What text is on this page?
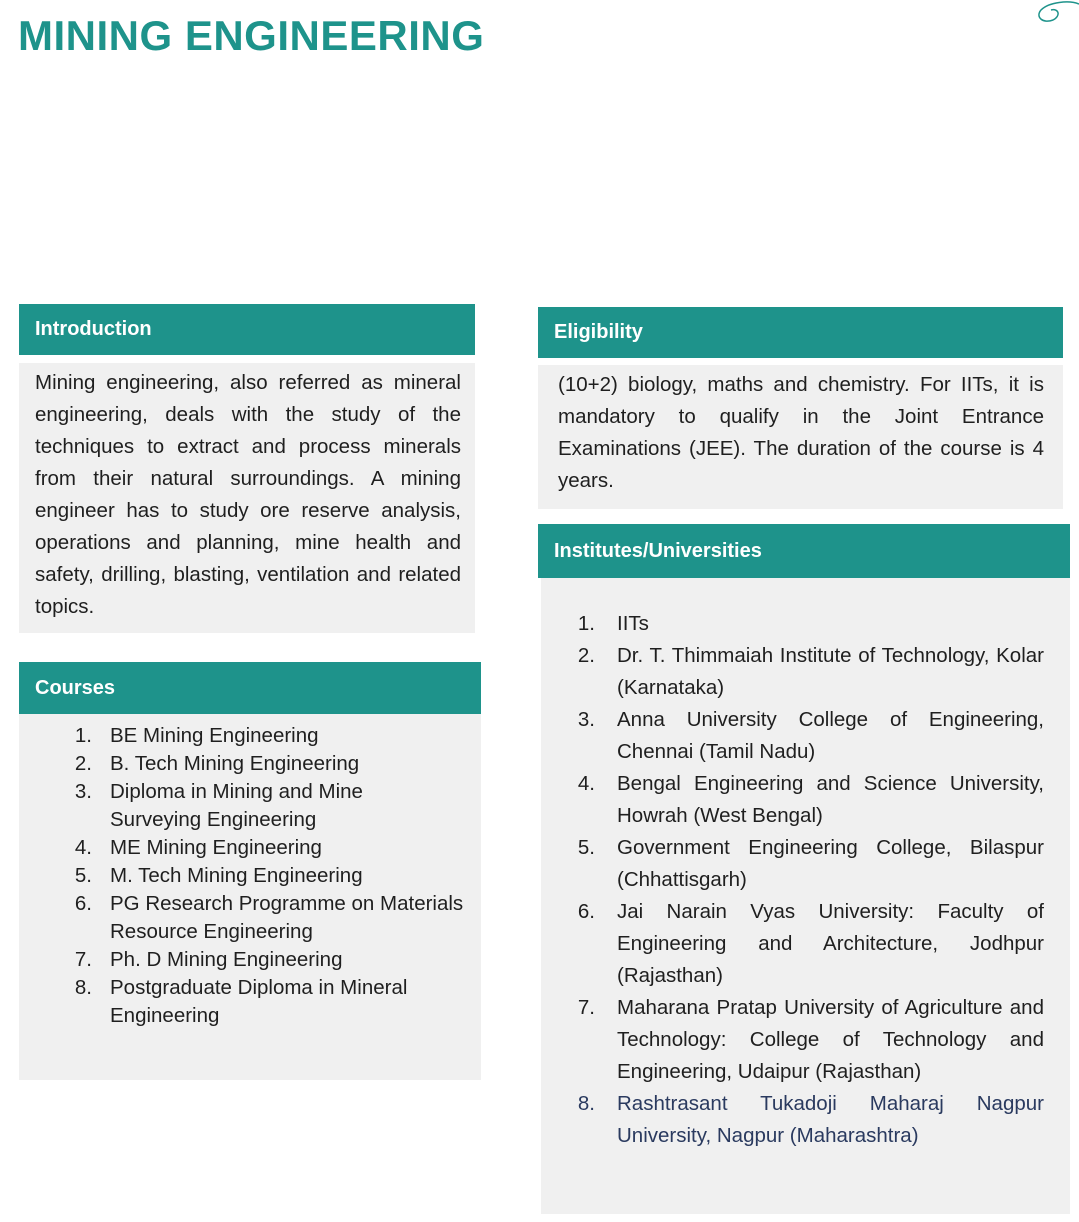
MINING ENGINEERING
Introduction
Mining engineering, also referred as mineral engineering, deals with the study of the techniques to extract and process minerals from their natural surroundings. A mining engineer has to study ore reserve analysis, operations and planning, mine health and safety, drilling, blasting, ventilation and related topics.
Courses
1. BE Mining Engineering
2. B. Tech Mining Engineering
3. Diploma in Mining and Mine Surveying Engineering
4. ME Mining Engineering
5. M. Tech Mining Engineering
6. PG Research Programme on Materials Resource Engineering
7. Ph. D Mining Engineering
8. Postgraduate Diploma in Mineral Engineering
Eligibility
(10+2) biology, maths and chemistry. For IITs, it is mandatory to qualify in the Joint Entrance Examinations (JEE). The duration of the course is 4 years.
Institutes/Universities
1. IITs
2. Dr. T. Thimmaiah Institute of Technology, Kolar (Karnataka)
3. Anna University College of Engineering, Chennai (Tamil Nadu)
4. Bengal Engineering and Science University, Howrah (West Bengal)
5. Government Engineering College, Bilaspur (Chhattisgarh)
6. Jai Narain Vyas University: Faculty of Engineering and Architecture, Jodhpur (Rajasthan)
7. Maharana Pratap University of Agriculture and Technology: College of Technology and Engineering, Udaipur (Rajasthan)
8. Rashtrasant Tukadoji Maharaj Nagpur University, Nagpur (Maharashtra)
